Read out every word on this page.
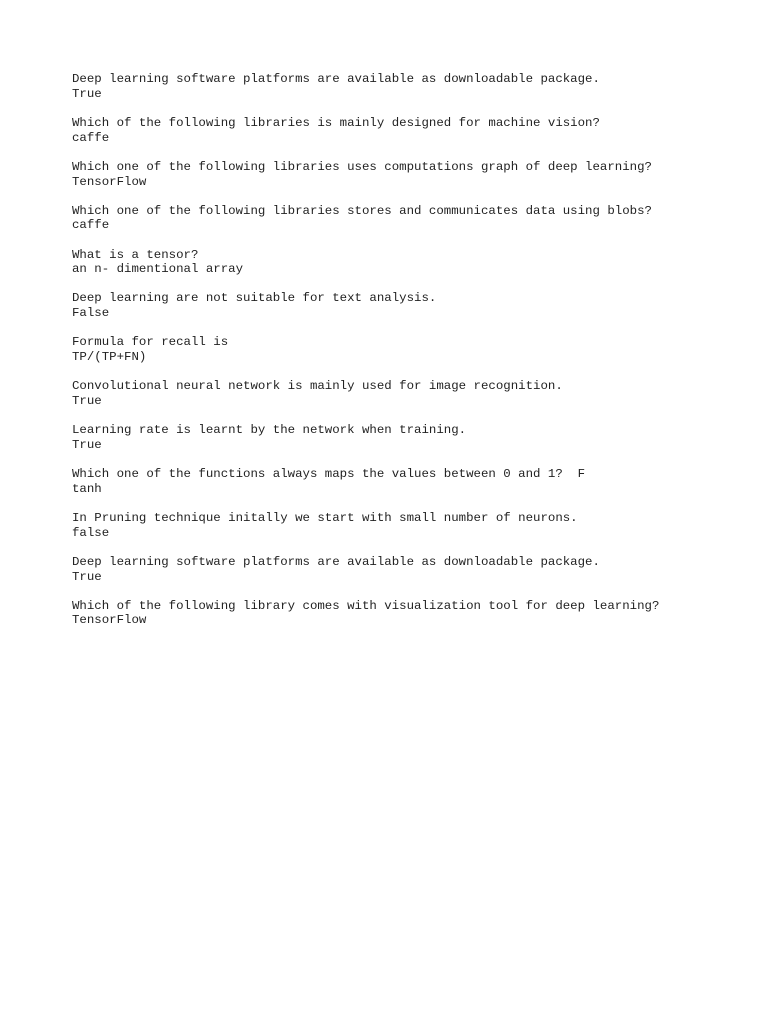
Deep learning software platforms are available as downloadable package.
True
Which of the following libraries is mainly designed for machine vision?
caffe
Which one of the following libraries uses computations graph of deep learning?
TensorFlow
Which one of the following libraries stores and communicates data using blobs?
caffe
What is a tensor?
an n- dimentional array
Deep learning are not suitable for text analysis.
False
Formula for recall is
TP/(TP+FN)
Convolutional neural network is mainly used for image recognition.
True
Learning rate is learnt by the network when training.
True
Which one of the functions always maps the values between 0 and 1?  F
tanh
In Pruning technique initally we start with small number of neurons.
false
Deep learning software platforms are available as downloadable package.
True
Which of the following library comes with visualization tool for deep learning?
TensorFlow
